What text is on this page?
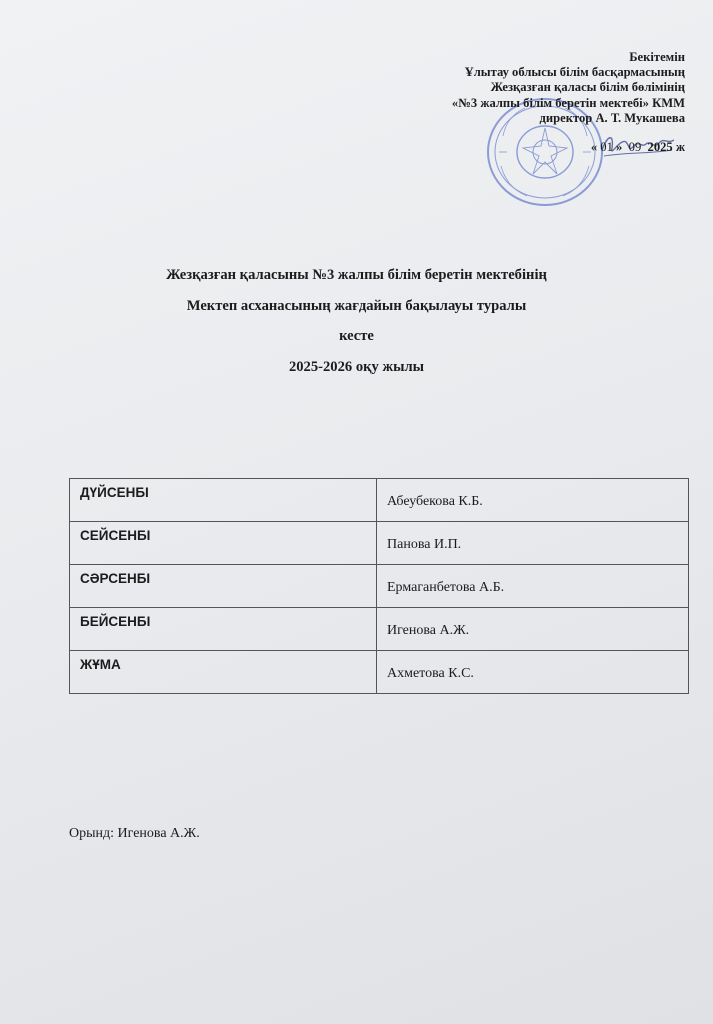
Бекітемін
Ұлытау облысы білім басқармасының
Жезқазған қаласы білім бөлімінің
«№3 жалпы білім беретін мектебі» КММ
директор А. Т. Мукашева
« 01 » 09 2025 ж
Жезқазған қаласыны №3 жалпы білім беретін мектебінің
Мектеп асханасының жағдайын бақылауы туралы
кесте
2025-2026 оқу жылы
ДҮЙСЕНБІ	Абеубекова К.Б.
СЕЙСЕНБІ	Панова И.П.
СӘРСЕНБІ	Ермаганбетова А.Б.
БЕЙСЕНБІ	Игенова А.Ж.
ЖҰМА	Ахметова К.С.
Орынд: Игенова А.Ж.
